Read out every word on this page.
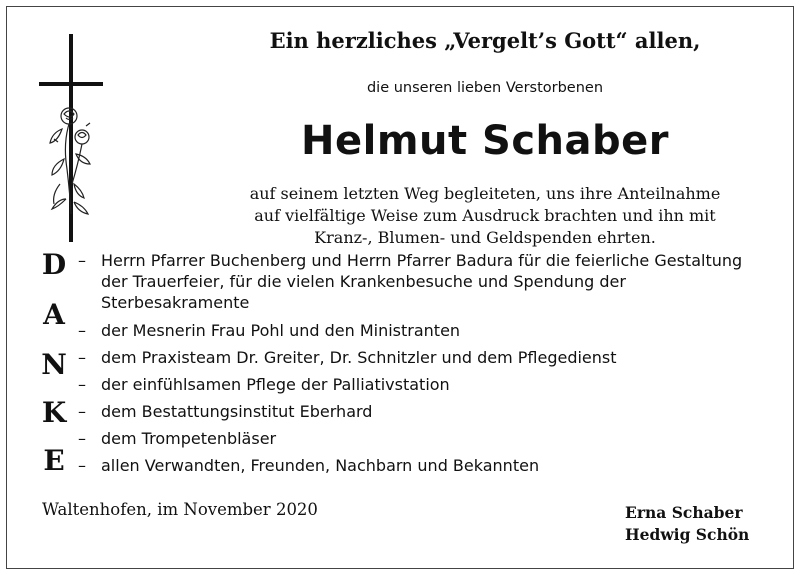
Ein herzliches „Vergelt’s Gott“ allen,
die unseren lieben Verstorbenen
Helmut Schaber
auf seinem letzten Weg begleiteten, uns ihre Anteilnahme
auf vielfältige Weise zum Ausdruck brachten und ihn mit
Kranz-, Blumen- und Geldspenden ehrten.
D
A
N
K
E
– Herrn Pfarrer Buchenberg und Herrn Pfarrer Badura für die feierliche Gestaltung der Trauerfeier, für die vielen Krankenbesuche und Spendung der Sterbesakramente
– der Mesnerin Frau Pohl und den Ministranten
– dem Praxisteam Dr. Greiter, Dr. Schnitzler und dem Pflegedienst
– der einfühlsamen Pflege der Palliativstation
– dem Bestattungsinstitut Eberhard
– dem Trompetenbläser
– allen Verwandten, Freunden, Nachbarn und Bekannten
Waltenhofen, im November 2020	Erna Schaber
Hedwig Schön
